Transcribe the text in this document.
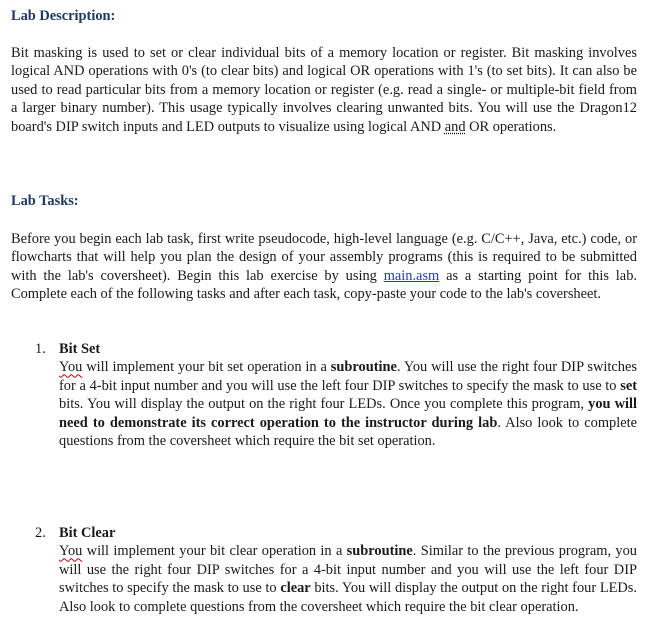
Lab Description:
Bit masking is used to set or clear individual bits of a memory location or register. Bit masking involves logical AND operations with 0's (to clear bits) and logical OR operations with 1's (to set bits). It can also be used to read particular bits from a memory location or register (e.g. read a single- or multiple-bit field from a larger binary number). This usage typically involves clearing unwanted bits. You will use the Dragon12 board's DIP switch inputs and LED outputs to visualize using logical AND and OR operations.
Lab Tasks:
Before you begin each lab task, first write pseudocode, high-level language (e.g. C/C++, Java, etc.) code, or flowcharts that will help you plan the design of your assembly programs (this is required to be submitted with the lab's coversheet). Begin this lab exercise by using main.asm as a starting point for this lab. Complete each of the following tasks and after each task, copy-paste your code to the lab's coversheet.
1. Bit Set
You will implement your bit set operation in a subroutine. You will use the right four DIP switches for a 4-bit input number and you will use the left four DIP switches to specify the mask to use to set bits. You will display the output on the right four LEDs. Once you complete this program, you will need to demonstrate its correct operation to the instructor during lab. Also look to complete questions from the coversheet which require the bit set operation.
2. Bit Clear
You will implement your bit clear operation in a subroutine. Similar to the previous program, you will use the right four DIP switches for a 4-bit input number and you will use the left four DIP switches to specify the mask to use to clear bits. You will display the output on the right four LEDs. Also look to complete questions from the coversheet which require the bit clear operation.
